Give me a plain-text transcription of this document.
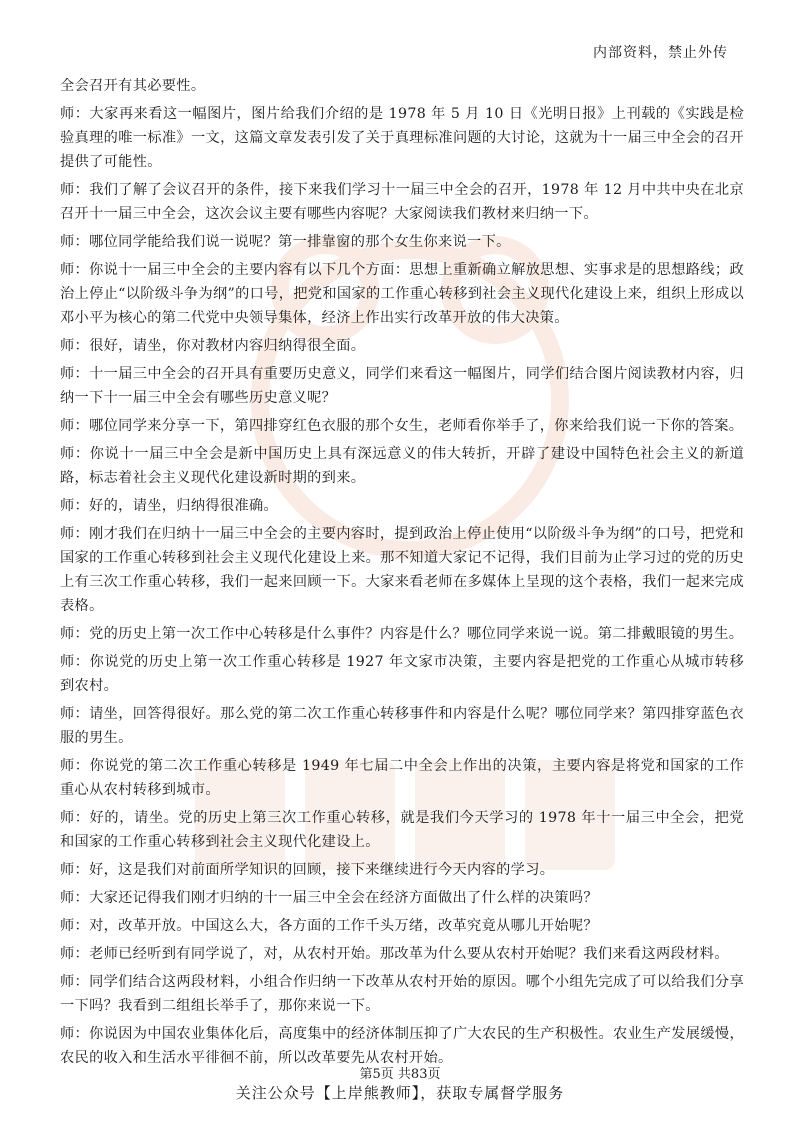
内部资料，禁止外传

全会召开有其必要性。

师：大家再来看这一幅图片，图片给我们介绍的是 1978 年 5 月 10 日《光明日报》上刊载的《实践是检验真理的唯一标准》一文，这篇文章发表引发了关于真理标准问题的大讨论，这就为十一届三中全会的召开提供了可能性。

师：我们了解了会议召开的条件，接下来我们学习十一届三中全会的召开，1978 年 12 月中共中央在北京召开十一届三中全会，这次会议主要有哪些内容呢？大家阅读我们教材来归纳一下。

师：哪位同学能给我们说一说呢？第一排靠窗的那个女生你来说一下。

师：你说十一届三中全会的主要内容有以下几个方面：思想上重新确立解放思想、实事求是的思想路线；政治上停止“以阶级斗争为纲”的口号，把党和国家的工作重心转移到社会主义现代化建设上来，组织上形成以邓小平为核心的第二代党中央领导集体，经济上作出实行改革开放的伟大决策。

师：很好，请坐，你对教材内容归纳得很全面。

师：十一届三中全会的召开具有重要历史意义，同学们来看这一幅图片，同学们结合图片阅读教材内容，归纳一下十一届三中全会有哪些历史意义呢？

师：哪位同学来分享一下，第四排穿红色衣服的那个女生，老师看你举手了，你来给我们说一下你的答案。

师：你说十一届三中全会是新中国历史上具有深远意义的伟大转折，开辟了建设中国特色社会主义的新道路，标志着社会主义现代化建设新时期的到来。

师：好的，请坐，归纳得很准确。

师：刚才我们在归纳十一届三中全会的主要内容时，提到政治上停止使用“以阶级斗争为纲”的口号，把党和国家的工作重心转移到社会主义现代化建设上来。那不知道大家记不记得，我们目前为止学习过的党的历史上有三次工作重心转移，我们一起来回顾一下。大家来看老师在多媒体上呈现的这个表格，我们一起来完成表格。

师：党的历史上第一次工作中心转移是什么事件？内容是什么？哪位同学来说一说。第二排戴眼镜的男生。

师：你说党的历史上第一次工作重心转移是 1927 年文家市决策，主要内容是把党的工作重心从城市转移到农村。

师：请坐，回答得很好。那么党的第二次工作重心转移事件和内容是什么呢？哪位同学来？第四排穿蓝色衣服的男生。

师：你说党的第二次工作重心转移是 1949 年七届二中全会上作出的决策，主要内容是将党和国家的工作重心从农村转移到城市。

师：好的，请坐。党的历史上第三次工作重心转移，就是我们今天学习的 1978 年十一届三中全会，把党和国家的工作重心转移到社会主义现代化建设上。

师：好，这是我们对前面所学知识的回顾，接下来继续进行今天内容的学习。

师：大家还记得我们刚才归纳的十一届三中全会在经济方面做出了什么样的决策吗？

师：对，改革开放。中国这么大，各方面的工作千头万绪，改革究竟从哪儿开始呢？

师：老师已经听到有同学说了，对，从农村开始。那改革为什么要从农村开始呢？我们来看这两段材料。

师：同学们结合这两段材料，小组合作归纳一下改革从农村开始的原因。哪个小组先完成了可以给我们分享一下吗？我看到二组组长举手了，那你来说一下。

师：你说因为中国农业集体化后，高度集中的经济体制压抑了广大农民的生产积极性。农业生产发展缓慢，农民的收入和生活水平徘徊不前，所以改革要先从农村开始。

第5页 共83页
关注公众号【上岸熊教师】，获取专属督学服务
